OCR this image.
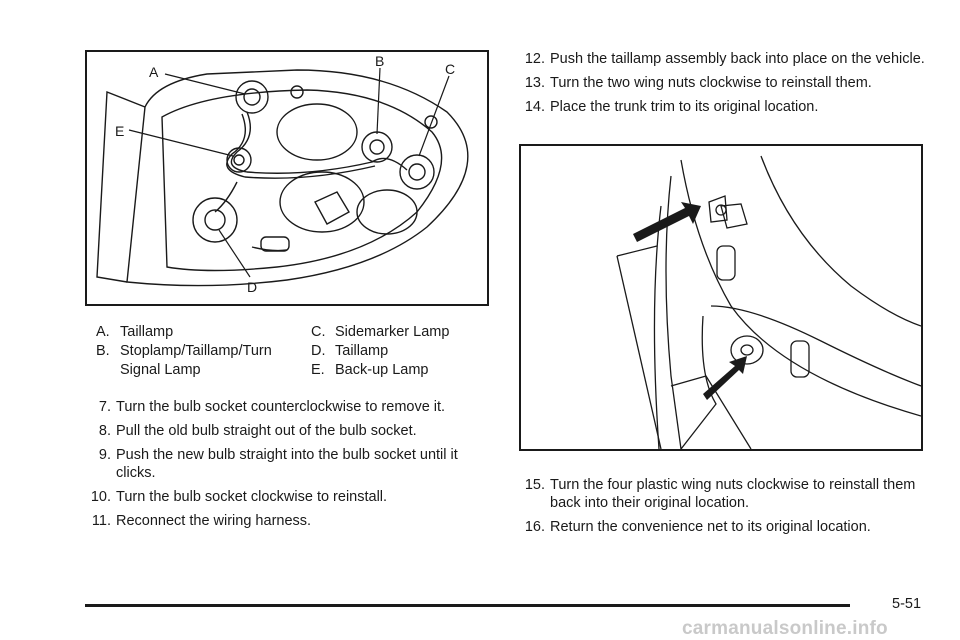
A
B	C
E
D
A. Taillamp
B. Stoplamp/Taillamp/Turn
Signal Lamp
C. Sidemarker Lamp
D. Taillamp
E. Back-up Lamp
7. Turn the bulb socket counterclockwise to remove it.
8. Pull the old bulb straight out of the bulb socket.
9. Push the new bulb straight into the bulb socket until it clicks.
10. Turn the bulb socket clockwise to reinstall.
11. Reconnect the wiring harness.
12. Push the taillamp assembly back into place on the vehicle.
13. Turn the two wing nuts clockwise to reinstall them.
14. Place the trunk trim to its original location.
15. Turn the four plastic wing nuts clockwise to reinstall them back into their original location.
16. Return the convenience net to its original location.
5-51
carmanualsonline.info
